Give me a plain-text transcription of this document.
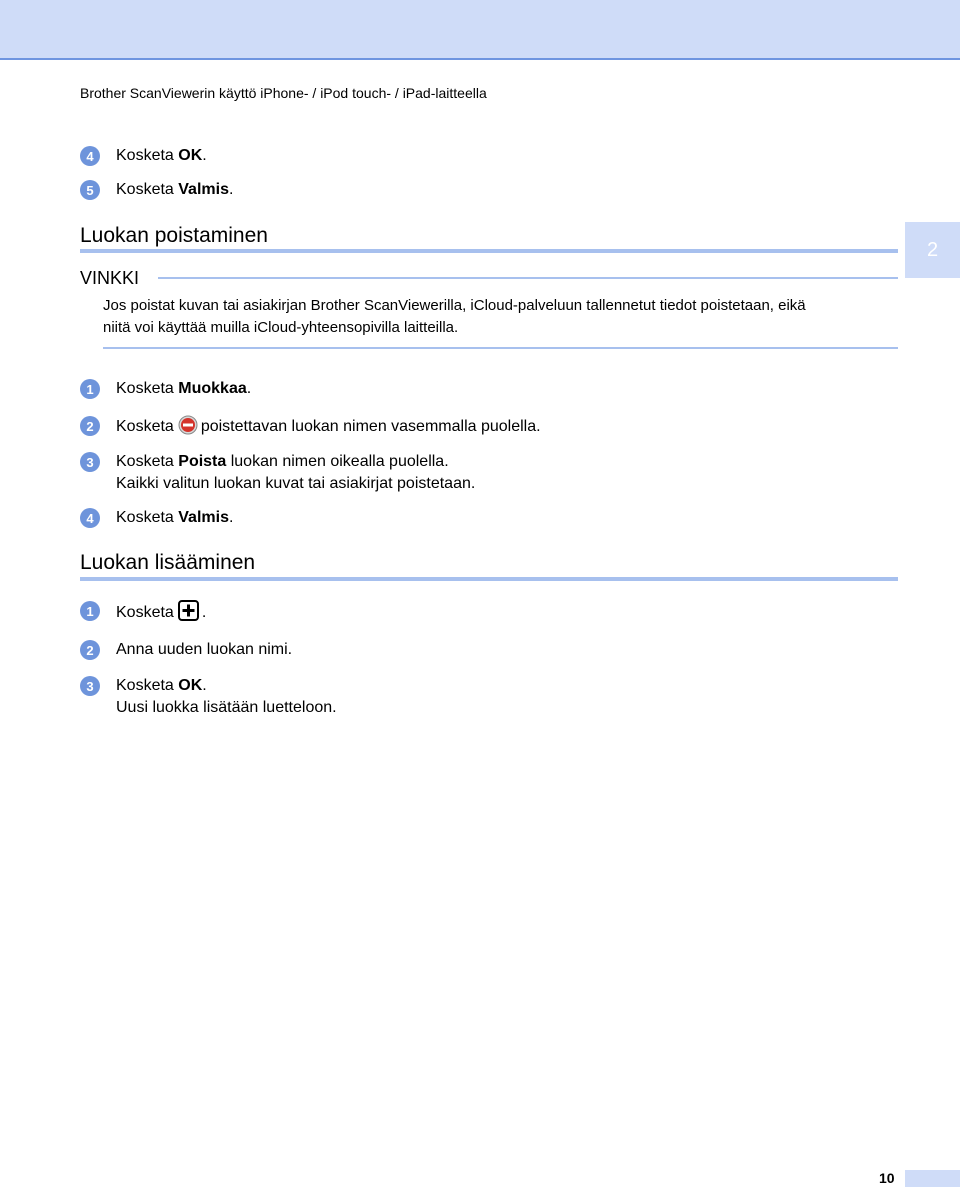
Brother ScanViewerin käyttö iPhone- / iPod touch- / iPad-laitteella
4	Kosketa OK.
5	Kosketa Valmis.
Luokan poistaminen
2
VINKKI
Jos poistat kuvan tai asiakirjan Brother ScanViewerilla, iCloud-palveluun tallennetut tiedot poistetaan, eikä
niitä voi käyttää muilla iCloud-yhteensopivilla laitteilla.
1	Kosketa Muokkaa.
2	Kosketa poistettavan luokan nimen vasemmalla puolella.
3	Kosketa Poista luokan nimen oikealla puolella.
Kaikki valitun luokan kuvat tai asiakirjat poistetaan.
4	Kosketa Valmis.
Luokan lisääminen
1	Kosketa .
2	Anna uuden luokan nimi.
3	Kosketa OK.
Uusi luokka lisätään luetteloon.
10
